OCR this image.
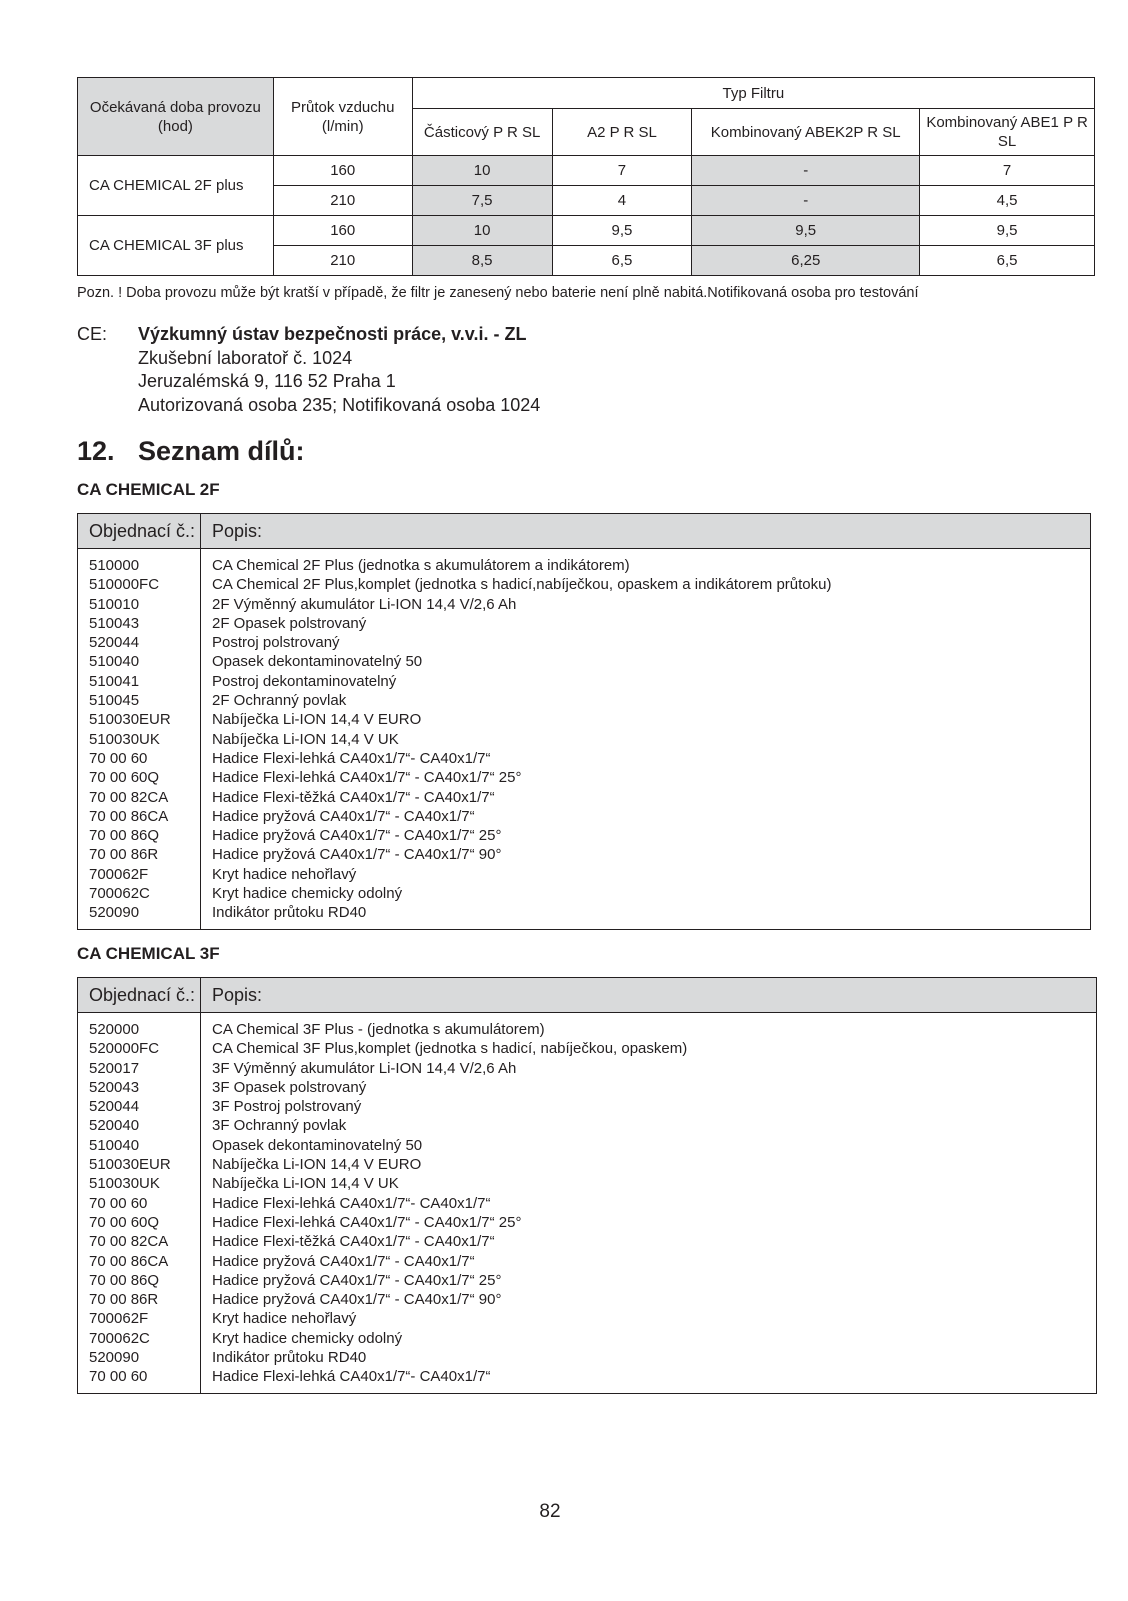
Očekávaná doba provozu (hod)	Průtok vzduchu (l/min)	Typ Filtru			
		Částicový P R SL	A2 P R SL	Kombinovaný ABEK2P R SL	Kombinovaný ABE1 P R SL
CA CHEMICAL 2F plus	160	10	7	-	7
	210	7,5	4	-	4,5
CA CHEMICAL 3F plus	160	10	9,5	9,5	9,5
	210	8,5	6,5	6,25	6,5
Pozn. ! Doba provozu může být kratší v případě, že filtr je zanesený nebo baterie není plně nabitá.Notifikovaná osoba pro testování
CE: Výzkumný ústav bezpečnosti práce, v.v.i. - ZL
Zkušební laboratoř č. 1024
Jeruzalémská 9, 116 52 Praha 1
Autorizovaná osoba 235; Notifikovaná osoba 1024
12. Seznam dílů:
CA CHEMICAL 2F
Objednací č.:	Popis:
510000	CA Chemical 2F Plus (jednotka s akumulátorem a indikátorem)
510000FC	CA Chemical 2F Plus,komplet (jednotka s hadicí,nabíječkou, opaskem a indikátorem průtoku)
510010	2F Výměnný akumulátor Li-ION 14,4 V/2,6 Ah
510043	2F Opasek polstrovaný
520044	Postroj polstrovaný
510040	Opasek dekontaminovatelný 50
510041	Postroj dekontaminovatelný
510045	2F Ochranný povlak
510030EUR	Nabíječka Li-ION 14,4 V EURO
510030UK	Nabíječka Li-ION 14,4 V UK
70 00 60	Hadice Flexi-lehká CA40x1/7“- CA40x1/7“
70 00 60Q	Hadice Flexi-lehká CA40x1/7“ - CA40x1/7“ 25°
70 00 82CA	Hadice Flexi-těžká CA40x1/7“ - CA40x1/7“
70 00 86CA	Hadice pryžová CA40x1/7“ - CA40x1/7“
70 00 86Q	Hadice pryžová CA40x1/7“ - CA40x1/7“ 25°
70 00 86R	Hadice pryžová CA40x1/7“ - CA40x1/7“ 90°
700062F	Kryt hadice nehořlavý
700062C	Kryt hadice chemicky odolný
520090	Indikátor průtoku RD40
CA CHEMICAL 3F
Objednací č.:	Popis:
520000	CA Chemical 3F Plus - (jednotka s akumulátorem)
520000FC	CA Chemical 3F Plus,komplet (jednotka s hadicí, nabíječkou, opaskem)
520017	3F Výměnný akumulátor Li-ION 14,4 V/2,6 Ah
520043	3F Opasek polstrovaný
520044	3F Postroj polstrovaný
520040	3F Ochranný povlak
510040	Opasek dekontaminovatelný 50
510030EUR	Nabíječka Li-ION 14,4 V EURO
510030UK	Nabíječka Li-ION 14,4 V UK
70 00 60	Hadice Flexi-lehká CA40x1/7“- CA40x1/7“
70 00 60Q	Hadice Flexi-lehká CA40x1/7“ - CA40x1/7“ 25°
70 00 82CA	Hadice Flexi-těžká CA40x1/7“ - CA40x1/7“
70 00 86CA	Hadice pryžová CA40x1/7“ - CA40x1/7“
70 00 86Q	Hadice pryžová CA40x1/7“ - CA40x1/7“ 25°
70 00 86R	Hadice pryžová CA40x1/7“ - CA40x1/7“ 90°
700062F	Kryt hadice nehořlavý
700062C	Kryt hadice chemicky odolný
520090	Indikátor průtoku RD40
70 00 60	Hadice Flexi-lehká CA40x1/7“- CA40x1/7“
82
